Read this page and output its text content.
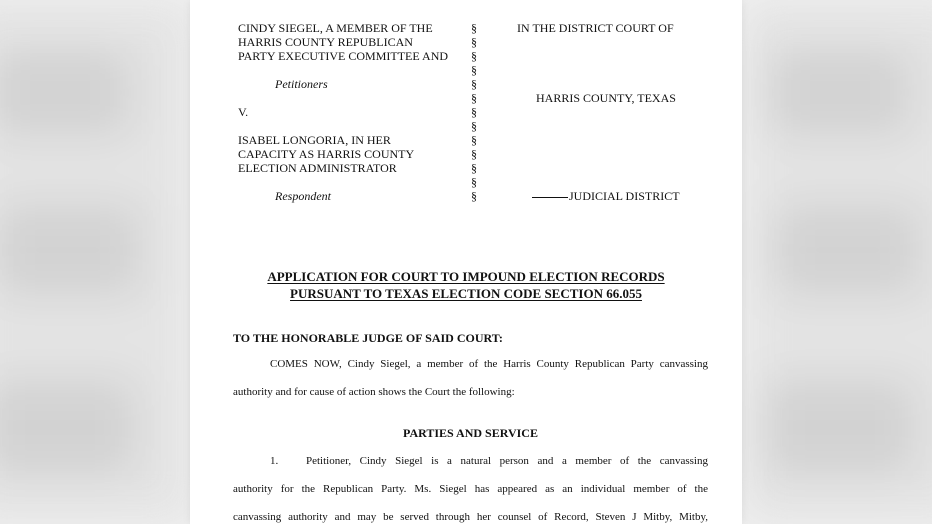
CINDY SIEGEL, A MEMBER OF THE
HARRIS COUNTY REPUBLICAN
PARTY EXECUTIVE COMMITTEE AND
Petitioners
V.
ISABEL LONGORIA, IN HER
CAPACITY AS HARRIS COUNTY
ELECTION ADMINISTRATOR
Respondent
§
§
§
§
§
§
§
§
§
§
§
§
§
IN THE DISTRICT COURT OF
HARRIS COUNTY, TEXAS
JUDICIAL DISTRICT
APPLICATION FOR COURT TO IMPOUND ELECTION RECORDS
PURSUANT TO TEXAS ELECTION CODE SECTION 66.055
TO THE HONORABLE JUDGE OF SAID COURT:
COMES NOW, Cindy Siegel, a member of the Harris County Republican Party canvassing
authority and for cause of action shows the Court the following:
PARTIES AND SERVICE
1.	Petitioner, Cindy Siegel is a natural person and a member of the canvassing
authority for the Republican Party. Ms. Siegel has appeared as an individual member of the
canvassing authority and may be served through her counsel of Record, Steven J Mitby, Mitby,
